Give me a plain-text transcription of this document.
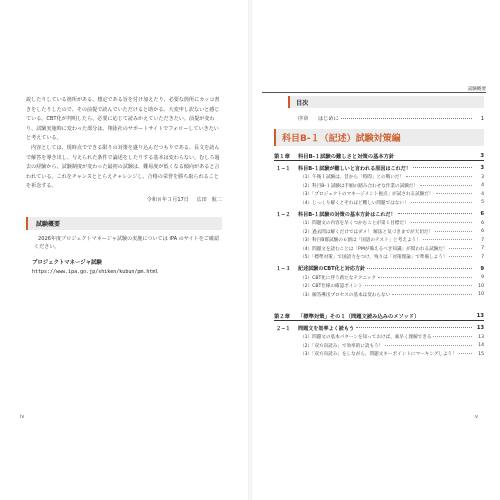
試験概要

説したりしている箇所がある。想定である旨を付け加えたり、必要な箇所にカッコ書きをしたりしたので、その前提で読んでいただけると助かる。大変申し訳ないと感じている。CBT化が判明したら、必要に応じて読みかえていただきたい。前提が変わり、試験実施時に変わった部分は、翔泳社のサポートサイトでフォローしていきたいと考えている。

内容としては、現時点でできる限りの対策を盛り込んだつもりである。長文を読んで解答を導き出し、与えられた条件で論述をしたりする基本は変わらない。むしろ過去の経験から、試験制度が変わった最初の試験は、難易度が低くなる傾向があると言われている。これをチャンスととらえチャレンジし、合格の栄誉を勝ち取られることを祈念する。

令和８年３月17日 広田　航二
試験概要

2026年度プロジェクトマネージャ試験の実施については IPA のサイトをご確認ください。

プロジェクトマネージャ試験
https://www.ipa.go.jp/shiken/kubun/pm.html
iv
目次
序章	はじめに	1
科目B-１（記述）試験対策編
第１章	科目B-１試験の難しさと対策の基本方針	3
１−１	科目B-１試験が難しいと言われる原因はこれだ！	3
（1）午後１試験は、昔から「時間」との戦いだ！	3
（2）科目B-１試験は手順の踏み合わせな作業の試験だ！	4
（3）「プロジェクトのマネージメント視点」が試される試験だ！	4
（4）じっくり解くとそれほど難しい問題ではない！	5
１−２	科目B-１試験の対策の基本方針はこれだ！	6
（1）問題文の内容を早くつかむことが第１目標だ！	6
（2）過去問は解くだけではダメ！ 解法と気づきまでが大切だ！	6
（3）科目B群試験の６割は「国語のテスト」と考えよう！	7
（4）問題文を読むことは「PMが備えるべき知識」が問われる試験だ！	7
（5）「標準対策」で国語力をつけ、残りは「対策理論」で準備しよう！	7
１−３	記述試験のCBT化と対応方針	9
（1）CBT化に伴う新たなテクニック	9
（2）CBT仕様の確認ポイント	10
（3）解答導出プロセスの基本は変わらない	10
第２章	「標準対策」その１（問題文読み込みのメソッド）	13
２−１	問題文を効率よく読もう	13
（1）問題文の基本パターンを知っておけば、素早く理解できる	13
（2）「双方向読み」で効率的に読もう！	14
（3）「双方向読み」をしながら、問題文キーポイントにマーキングしよう！	15
v
